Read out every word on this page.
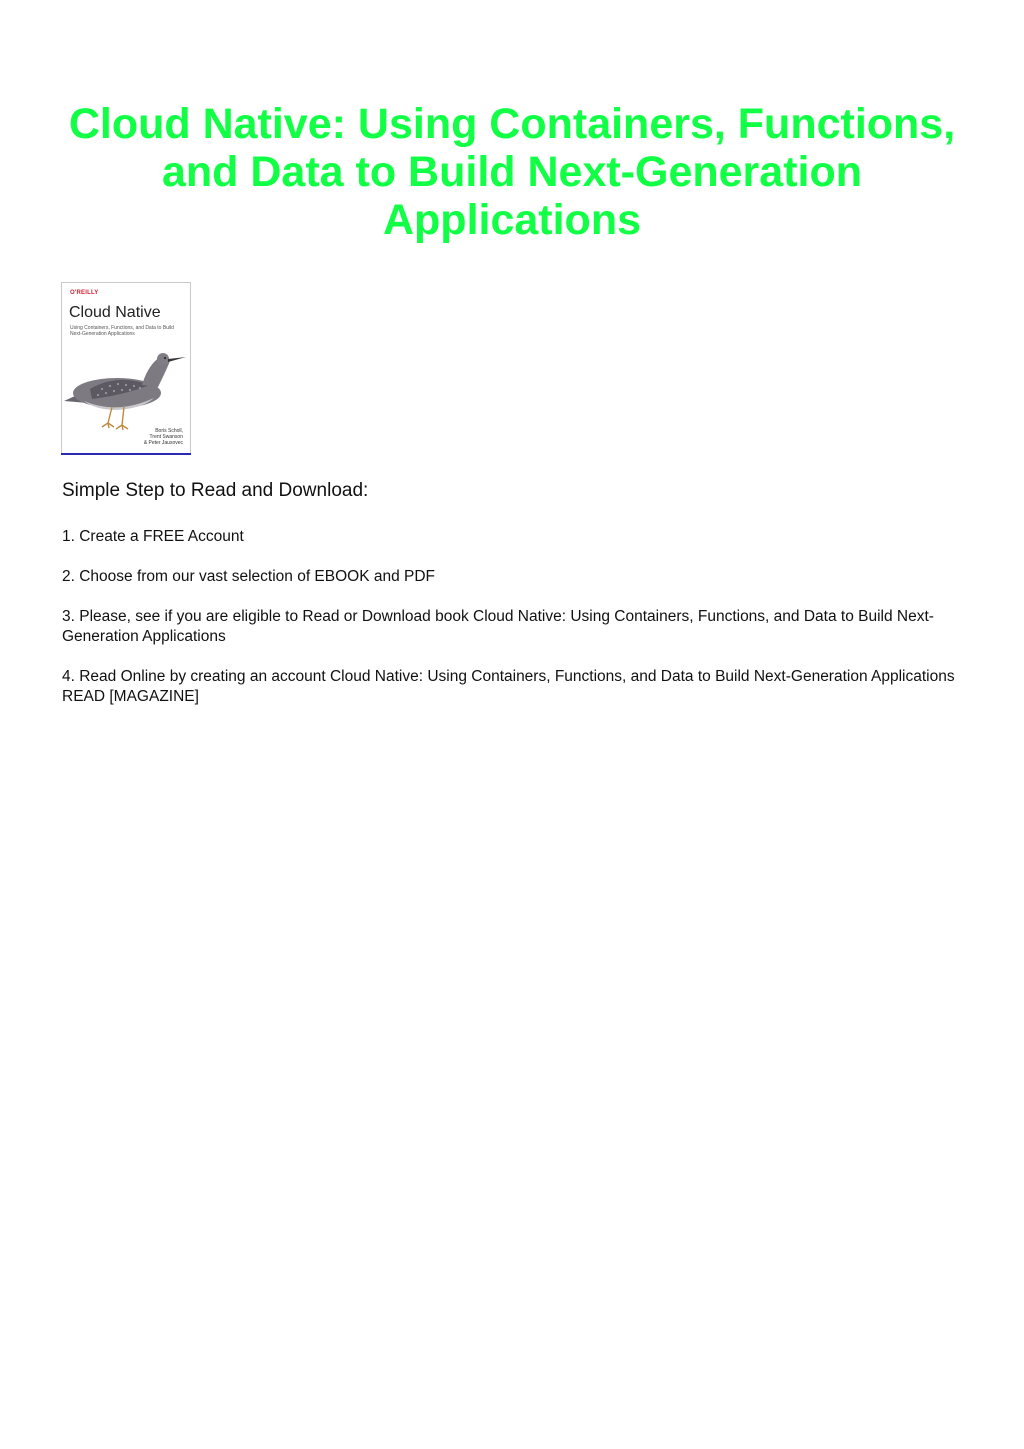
Cloud Native: Using Containers, Functions, and Data to Build Next-Generation Applications
O'REILLY
Cloud Native
Using Containers, Functions, and Data to Build Next-Generation Applications
Boris Scholl,
Trent Swanson
& Peter Jausovec
Simple Step to Read and Download:
1. Create a FREE Account
2. Choose from our vast selection of EBOOK and PDF
3. Please, see if you are eligible to Read or Download book Cloud Native: Using Containers, Functions, and Data to Build Next-Generation Applications
4. Read Online by creating an account Cloud Native: Using Containers, Functions, and Data to Build Next-Generation Applications READ [MAGAZINE]
